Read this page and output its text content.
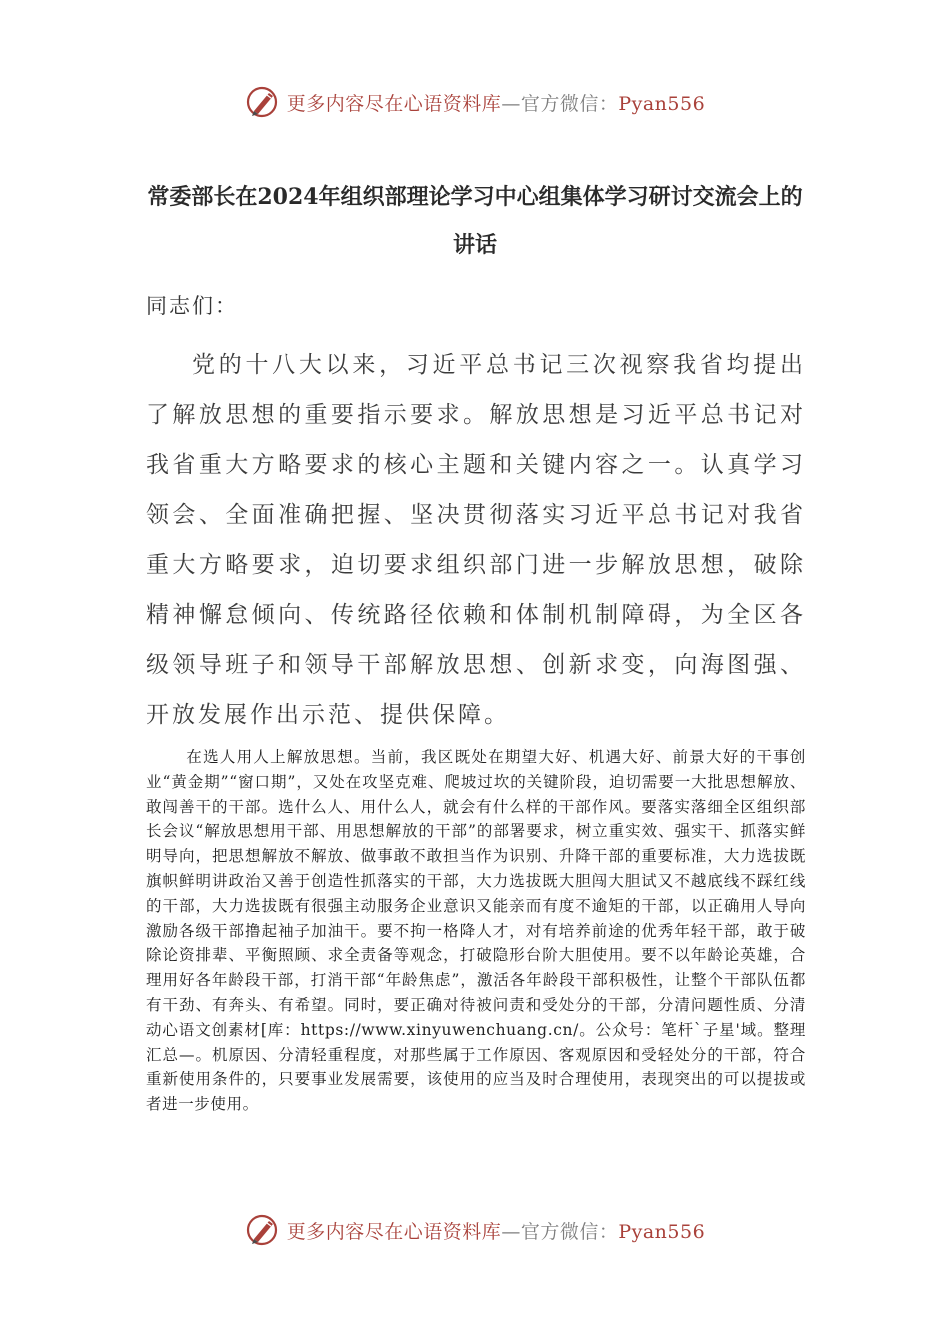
更多内容尽在心语资料库—官方微信：Pyan556
常委部长在2024年组织部理论学习中心组集体学习研讨交流会上的讲话
同志们：
党的十八大以来，习近平总书记三次视察我省均提出了解放思想的重要指示要求。解放思想是习近平总书记对我省重大方略要求的核心主题和关键内容之一。认真学习领会、全面准确把握、坚决贯彻落实习近平总书记对我省重大方略要求，迫切要求组织部门进一步解放思想，破除精神懈怠倾向、传统路径依赖和体制机制障碍，为全区各级领导班子和领导干部解放思想、创新求变，向海图强、开放发展作出示范、提供保障。
在选人用人上解放思想。当前，我区既处在期望大好、机遇大好、前景大好的干事创业“黄金期”“窗口期”，又处在攻坚克难、爬坡过坎的关键阶段，迫切需要一大批思想解放、敢闯善干的干部。选什么人、用什么人，就会有什么样的干部作风。要落实落细全区组织部长会议“解放思想用干部、用思想解放的干部”的部署要求，树立重实效、强实干、抓落实鲜明导向，把思想解放不解放、做事敢不敢担当作为识别、升降干部的重要标准，大力选拔既旗帜鲜明讲政治又善于创造性抓落实的干部，大力选拔既大胆闯大胆试又不越底线不踩红线的干部，大力选拔既有很强主动服务企业意识又能亲而有度不逾矩的干部，以正确用人导向激励各级干部撸起袖子加油干。要不拘一格降人才，对有培养前途的优秀年轻干部，敢于破除论资排辈、平衡照顾、求全责备等观念，打破隐形台阶大胆使用。要不以年龄论英雄，合理用好各年龄段干部，打消干部“年龄焦虑”，激活各年龄段干部积极性，让整个干部队伍都有干劲、有奔头、有希望。同时，要正确对待被问责和受处分的干部，分清问题性质、分清动心语文创素材[库：https://www.xinyuwenchuang.cn/。公众号：笔杆`子星'域。整理汇总—。机原因、分清轻重程度，对那些属于工作原因、客观原因和受轻处分的干部，符合重新使用条件的，只要事业发展需要，该使用的应当及时合理使用，表现突出的可以提拔或者进一步使用。
更多内容尽在心语资料库—官方微信：Pyan556
